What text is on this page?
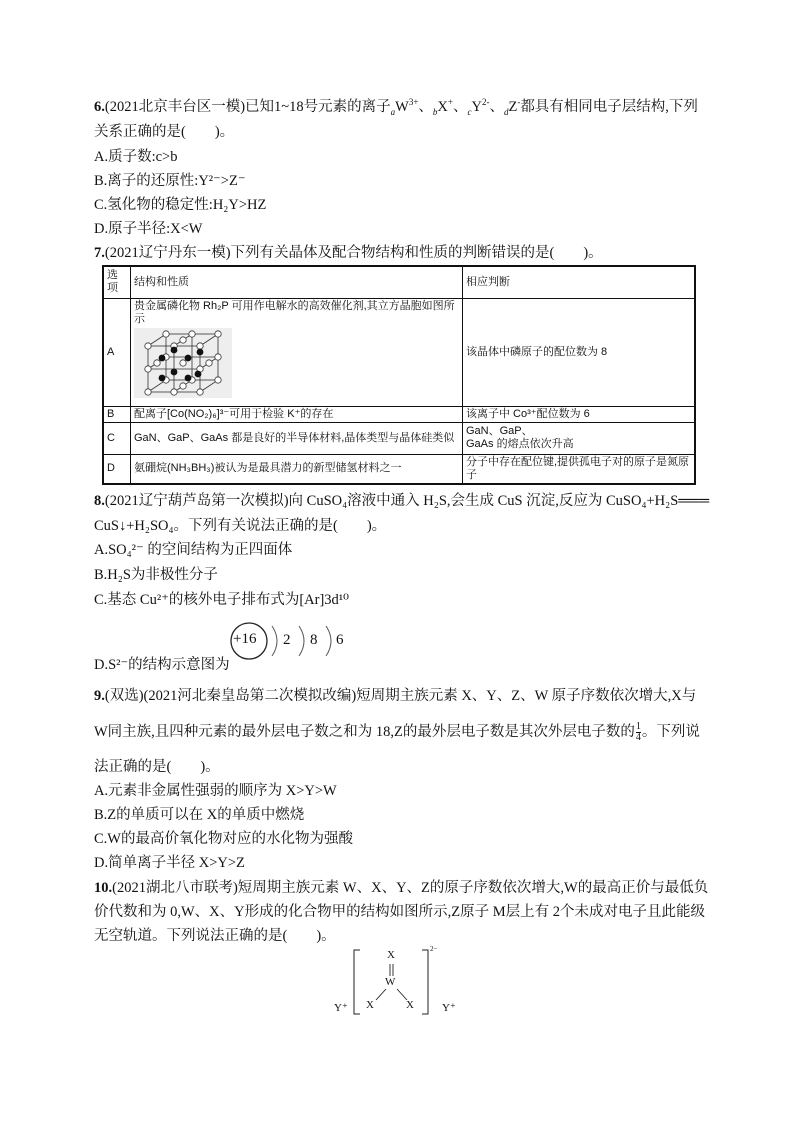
6.(2021北京丰台区一模)已知1~18号元素的离子$_aW^{3+}$、$_b$X+、$_cY^{2-}$、$_d$Z-都具有相同电子层结构,下列
关系正确的是(　　)。
A.质子数:c>b
B.离子的还原性:Y²⁻>Z⁻
C.氢化物的稳定性:H₂Y>HZ
D.原子半径:X<W
7.(2021辽宁丹东一模)下列有关晶体及配合物结构和性质的判断错误的是(　　)。
选项	结构和性质	相应判断
A	贵金属磷化物 Rh₂P 可用作电解水的高效催化剂,其立方晶胞如图所示	该晶体中磷原子的配位数为 8
B	配离子[Co(NO₂)₆]³⁻可用于检验 K⁺的存在	该离子中 Co³⁺配位数为 6
C	GaN、GaP、GaAs 都是良好的半导体材料,晶体类型与晶体硅类似	GaN、GaP、
GaAs 的熔点依次升高
D	氨硼烷(NH₃BH₃)被认为是最具潜力的新型储氢材料之一	分子中存在配位键,提供孤电子对的原子是氮原子
8.(2021辽宁葫芦岛第一次模拟)向 CuSO₄溶液中通入 H₂S,会生成 CuS 沉淀,反应为 CuSO₄+H₂S═══
CuS↓+H₂SO₄。下列有关说法正确的是(　　)。
A.SO₄²⁻ 的空间结构为正四面体
B.H₂S为非极性分子
C.基态 Cu²⁺的核外电子排布式为[Ar]3d¹⁰
D.S²⁻的结构示意图为
+16 2 8 6
9.(双选)(2021河北秦皇岛第二次模拟改编)短周期主族元素 X、Y、Z、W 原子序数依次增大,X与
W同主族,且四种元素的最外层电子数之和为 18,Z的最外层电子数是其次外层电子数的 $\frac{1}{4}$ 。下列说
法正确的是(　　)。
A.元素非金属性强弱的顺序为 X>Y>W
B.Z的单质可以在 X的单质中燃烧
C.W的最高价氧化物对应的水化物为强酸
D.简单离子半径 X>Y>Z
10.(2021湖北八市联考)短周期主族元素 W、X、Y、Z的原子序数依次增大,W的最高正价与最低负
价代数和为 0,W、X、Y形成的化合物甲的结构如图所示,Z原子 M层上有 2个未成对电子且此能级
无空轨道。下列说法正确的是(　　)。
X
W
X	X
2−
Y⁺	Y⁺
